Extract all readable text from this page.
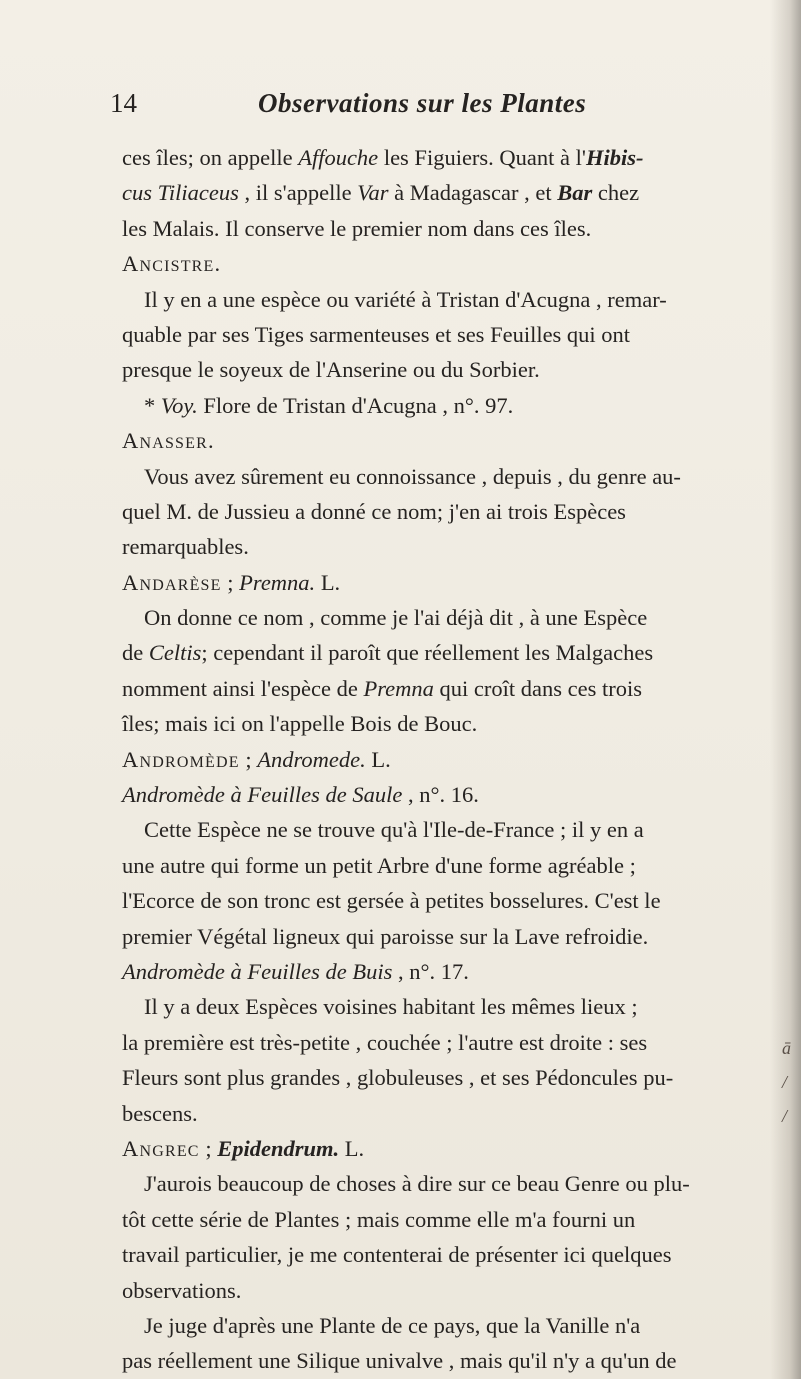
14	Observations sur les Plantes
ces îles; on appelle Affouche les Figuiers. Quant à l'Hibis-
cus Tiliaceus , il s'appelle Var à Madagascar , et Bar chez
les Malais. Il conserve le premier nom dans ces îles.
Ancistre.
Il y en a une espèce ou variété à Tristan d'Acugna , remar-
quable par ses Tiges sarmenteuses et ses Feuilles qui ont
presque le soyeux de l'Anserine ou du Sorbier.
* Voy. Flore de Tristan d'Acugna , n°. 97.
Anasser.
Vous avez sûrement eu connoissance , depuis , du genre au-
quel M. de Jussieu a donné ce nom; j'en ai trois Espèces
remarquables.
Andarèse ; Premna. L.
On donne ce nom , comme je l'ai déjà dit , à une Espèce
de Celtis; cependant il paroît que réellement les Malgaches
nomment ainsi l'espèce de Premna qui croît dans ces trois
îles; mais ici on l'appelle Bois de Bouc.
Andromède ; Andromede. L.
Andromède à Feuilles de Saule , n°. 16.
Cette Espèce ne se trouve qu'à l'Ile-de-France ; il y en a
une autre qui forme un petit Arbre d'une forme agréable ;
l'Ecorce de son tronc est gersée à petites bosselures. C'est le
premier Végétal ligneux qui paroisse sur la Lave refroidie.
Andromède à Feuilles de Buis , n°. 17.
Il y a deux Espèces voisines habitant les mêmes lieux ;
la première est très-petite , couchée ; l'autre est droite : ses
Fleurs sont plus grandes , globuleuses , et ses Pédoncules pu-
bescens.
Angrec ; Epidendrum. L.
J'aurois beaucoup de choses à dire sur ce beau Genre ou plu-
tôt cette série de Plantes ; mais comme elle m'a fourni un
travail particulier, je me contenterai de présenter ici quelques
observations.
Je juge d'après une Plante de ce pays, que la Vanille n'a
pas réellement une Silique univalve , mais qu'il n'y a qu'un de
ā
/
/
